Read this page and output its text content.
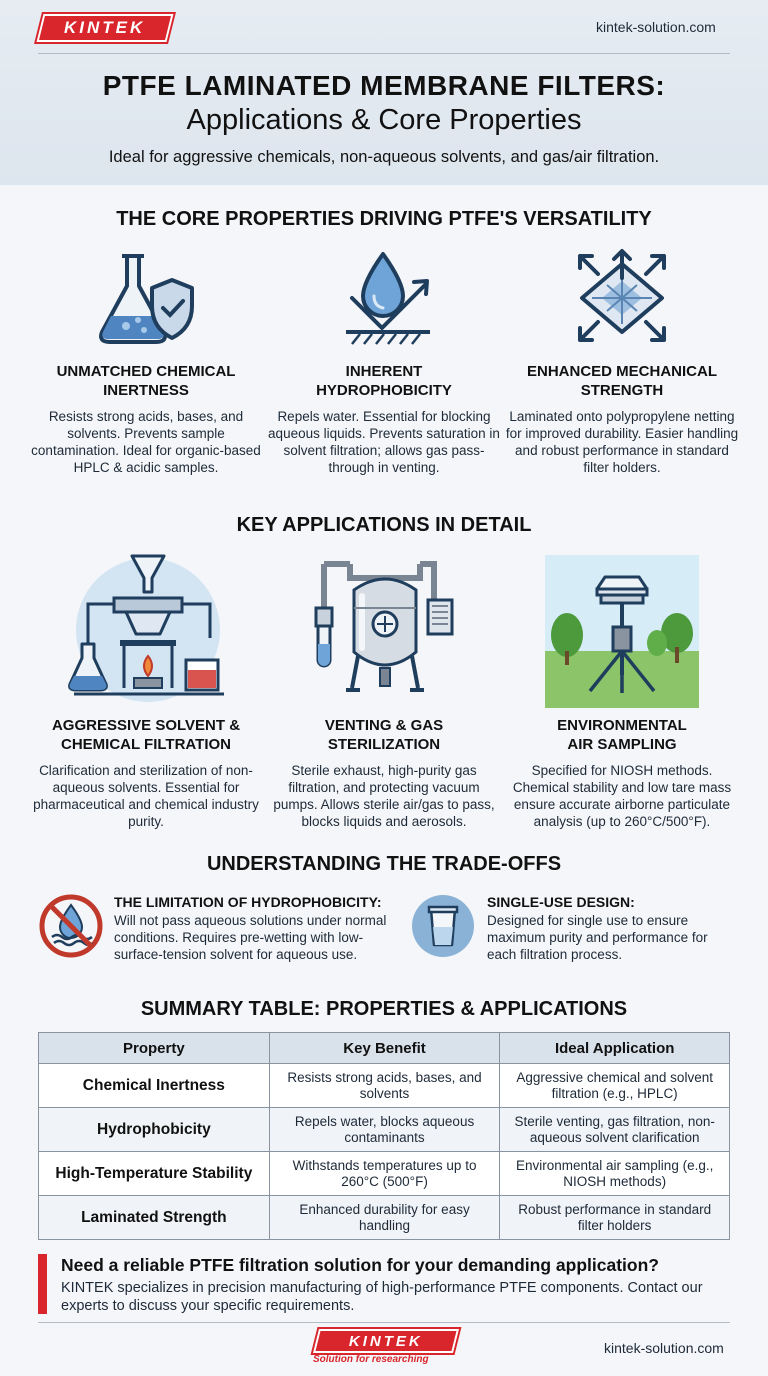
KINTEK	kintek-solution.com
PTFE LAMINATED MEMBRANE FILTERS:
Applications & Core Properties
Ideal for aggressive chemicals, non-aqueous solvents, and gas/air filtration.
THE CORE PROPERTIES DRIVING PTFE'S VERSATILITY
UNMATCHED CHEMICAL
INERTNESS
Resists strong acids, bases, and solvents. Prevents sample contamination. Ideal for organic-based HPLC & acidic samples.
INHERENT
HYDROPHOBICITY
Repels water. Essential for blocking aqueous liquids. Prevents saturation in solvent filtration; allows gas pass-through in venting.
ENHANCED MECHANICAL
STRENGTH
Laminated onto polypropylene netting for improved durability. Easier handling and robust performance in standard filter holders.
KEY APPLICATIONS IN DETAIL
AGGRESSIVE SOLVENT &
CHEMICAL FILTRATION
Clarification and sterilization of non-aqueous solvents. Essential for pharmaceutical and chemical industry purity.
VENTING & GAS
STERILIZATION
Sterile exhaust, high-purity gas filtration, and protecting vacuum pumps. Allows sterile air/gas to pass, blocks liquids and aerosols.
ENVIRONMENTAL
AIR SAMPLING
Specified for NIOSH methods. Chemical stability and low tare mass ensure accurate airborne particulate analysis (up to 260°C/500°F).
UNDERSTANDING THE TRADE-OFFS
THE LIMITATION OF HYDROPHOBICITY:
Will not pass aqueous solutions under normal conditions. Requires pre-wetting with low-surface-tension solvent for aqueous use.
SINGLE-USE DESIGN:
Designed for single use to ensure maximum purity and performance for each filtration process.
SUMMARY TABLE: PROPERTIES & APPLICATIONS
Property	Key Benefit	Ideal Application
Chemical Inertness	Resists strong acids, bases, and solvents	Aggressive chemical and solvent filtration (e.g., HPLC)
Hydrophobicity	Repels water, blocks aqueous contaminants	Sterile venting, gas filtration, non-aqueous solvent clarification
High-Temperature Stability	Withstands temperatures up to 260°C (500°F)	Environmental air sampling (e.g., NIOSH methods)
Laminated Strength	Enhanced durability for easy handling	Robust performance in standard filter holders
Need a reliable PTFE filtration solution for your demanding application?
KINTEK specializes in precision manufacturing of high-performance PTFE components. Contact our experts to discuss your specific requirements.
KINTEK
Solution for researching
kintek-solution.com
